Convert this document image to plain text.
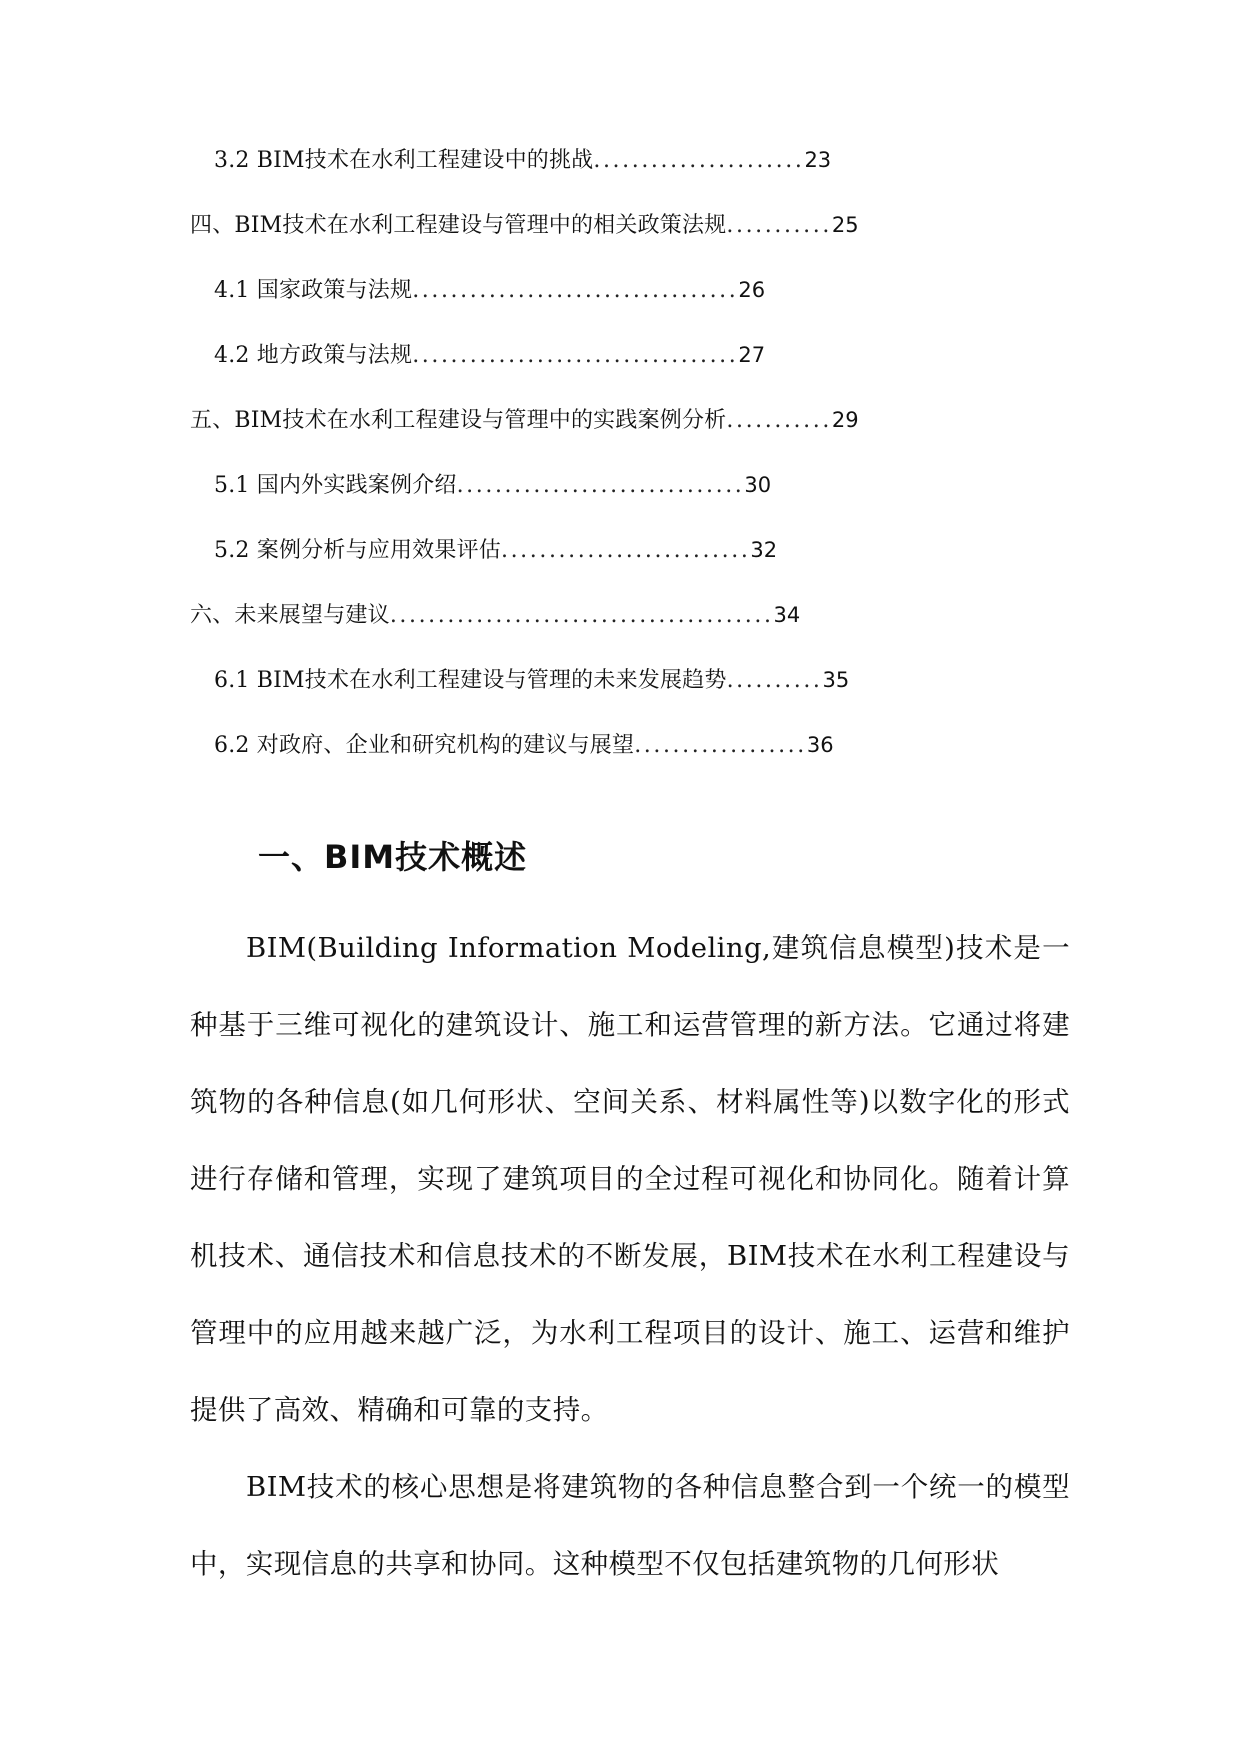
3.2 BIM技术在水利工程建设中的挑战......................23
四、BIM技术在水利工程建设与管理中的相关政策法规...........25
4.1 国家政策与法规..................................26
4.2 地方政策与法规..................................27
五、BIM技术在水利工程建设与管理中的实践案例分析...........29
5.1 国内外实践案例介绍..............................30
5.2 案例分析与应用效果评估..........................32
六、未来展望与建议........................................34
6.1 BIM技术在水利工程建设与管理的未来发展趋势..........35
6.2 对政府、企业和研究机构的建议与展望..................36
一、BIM技术概述

BIM(Building Information Modeling,建筑信息模型)技术是一种基于三维可视化的建筑设计、施工和运营管理的新方法。它通过将建筑物的各种信息(如几何形状、空间关系、材料属性等)以数字化的形式进行存储和管理，实现了建筑项目的全过程可视化和协同化。随着计算机技术、通信技术和信息技术的不断发展，BIM技术在水利工程建设与管理中的应用越来越广泛，为水利工程项目的设计、施工、运营和维护提供了高效、精确和可靠的支持。

BIM技术的核心思想是将建筑物的各种信息整合到一个统一的模型中，实现信息的共享和协同。这种模型不仅包括建筑物的几何形状
